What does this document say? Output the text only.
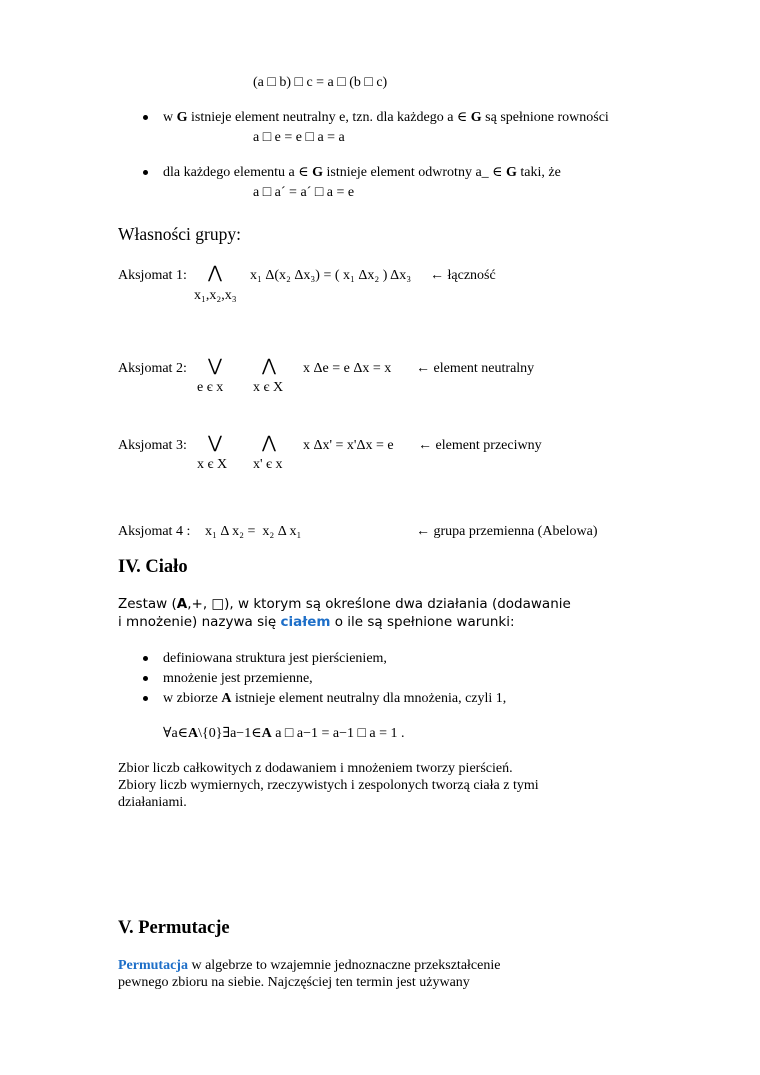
(a □ b) □ c = a □ (b □ c)
w G istnieje element neutralny e, tzn. dla każdego a ∈ G są spełnione rowności
a □ e = e □ a = a
dla każdego elementu a ∈ G istnieje element odwrotny a_ ∈ G taki, że
a □ a´ = a´ □ a = e
Własności grupy:
Aksjomat 1: ⋀
x₁,x₂,x₃
x₁ Δ(x₂ Δx₃) = ( x₁ Δx₂ ) Δx₃ ← łączność
Aksjomat 2: ⋁ ⋀
e є x x є X
x Δe = e Δx = x ← element neutralny
Aksjomat 3: ⋁ ⋀
x є X x' є x
x Δx' = x'Δx = e ← element przeciwny
Aksjomat 4 : x₁ Δ x₂ =  x₂ Δ x₁	← grupa przemienna (Abelowa)
IV. Ciało
Zestaw (A,+, □), w ktorym są określone dwa działania (dodawanie
i mnożenie) nazywa się ciałem o ile są spełnione warunki:
definiowana struktura jest pierścieniem,
mnożenie jest przemienne,
w zbiorze A istnieje element neutralny dla mnożenia, czyli 1,
∀a∈A\{0}∃a−1∈A a □ a−1 = a−1 □ a = 1 .
Zbior liczb całkowitych z dodawaniem i mnożeniem tworzy pierścień.
Zbiory liczb wymiernych, rzeczywistych i zespolonych tworzą ciała z tymi
działaniami.
V. Permutacje
Permutacja w algebrze to wzajemnie jednoznaczne przekształcenie
pewnego zbioru na siebie. Najczęściej ten termin jest używany
